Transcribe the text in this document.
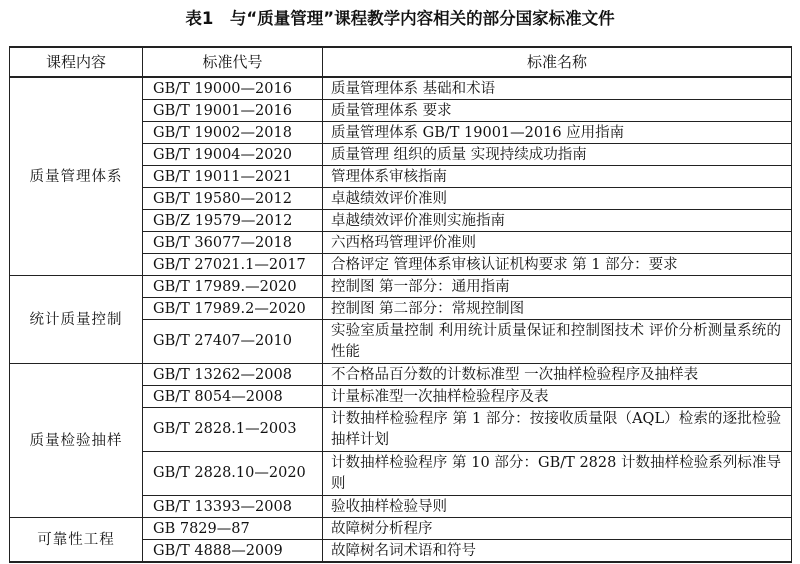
表1　与“质量管理”课程教学内容相关的部分国家标准文件
课程内容	标准代号	标准名称
质量管理体系	GB/T 19000—2016	质量管理体系 基础和术语
	GB/T 19001—2016	质量管理体系 要求
	GB/T 19002—2018	质量管理体系 GB/T 19001—2016 应用指南
	GB/T 19004—2020	质量管理 组织的质量 实现持续成功指南
	GB/T 19011—2021	管理体系审核指南
	GB/T 19580—2012	卓越绩效评价准则
	GB/Z 19579—2012	卓越绩效评价准则实施指南
	GB/T 36077—2018	六西格玛管理评价准则
	GB/T 27021.1—2017	合格评定 管理体系审核认证机构要求 第 1 部分：要求
统计质量控制	GB/T 17989.—2020	控制图 第一部分：通用指南
	GB/T 17989.2—2020	控制图 第二部分：常规控制图
	GB/T 27407—2010	实验室质量控制 利用统计质量保证和控制图技术 评价分析测量系统的性能
质量检验抽样	GB/T 13262—2008	不合格品百分数的计数标准型 一次抽样检验程序及抽样表
	GB/T 8054—2008	计量标准型一次抽样检验程序及表
	GB/T 2828.1—2003	计数抽样检验程序 第 1 部分：按接收质量限（AQL）检索的逐批检验抽样计划
	GB/T 2828.10—2020	计数抽样检验程序 第 10 部分：GB/T 2828 计数抽样检验系列标准导则
	GB/T 13393—2008	验收抽样检验导则
可靠性工程	GB 7829—87	故障树分析程序
	GB/T 4888—2009	故障树名词术语和符号
